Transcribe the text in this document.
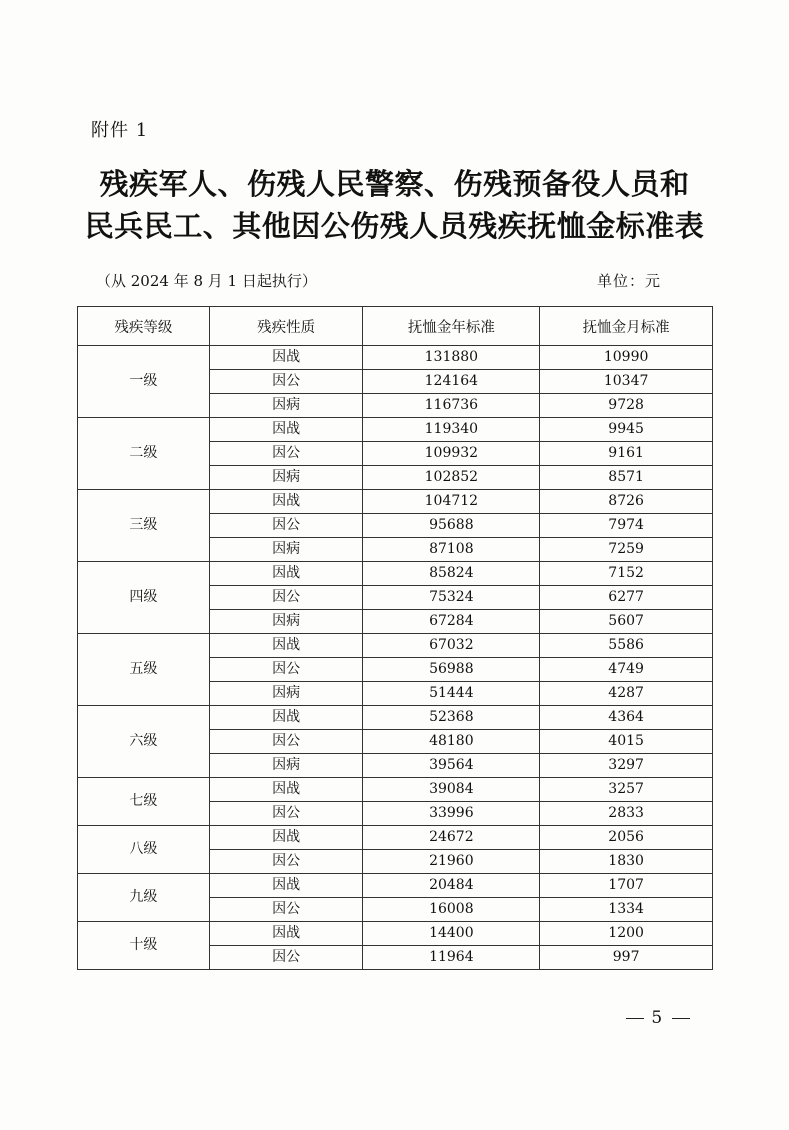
附件 1
残疾军人、伤残人民警察、伤残预备役人员和
民兵民工、其他因公伤残人员残疾抚恤金标准表
（从 2024 年 8 月 1 日起执行）	单位：元
残疾等级	残疾性质	抚恤金年标准	抚恤金月标准
一级	因战	131880	10990
	因公	124164	10347
	因病	116736	9728
二级	因战	119340	9945
	因公	109932	9161
	因病	102852	8571
三级	因战	104712	8726
	因公	95688	7974
	因病	87108	7259
四级	因战	85824	7152
	因公	75324	6277
	因病	67284	5607
五级	因战	67032	5586
	因公	56988	4749
	因病	51444	4287
六级	因战	52368	4364
	因公	48180	4015
	因病	39564	3297
七级	因战	39084	3257
	因公	33996	2833
八级	因战	24672	2056
	因公	21960	1830
九级	因战	20484	1707
	因公	16008	1334
十级	因战	14400	1200
	因公	11964	997
5
